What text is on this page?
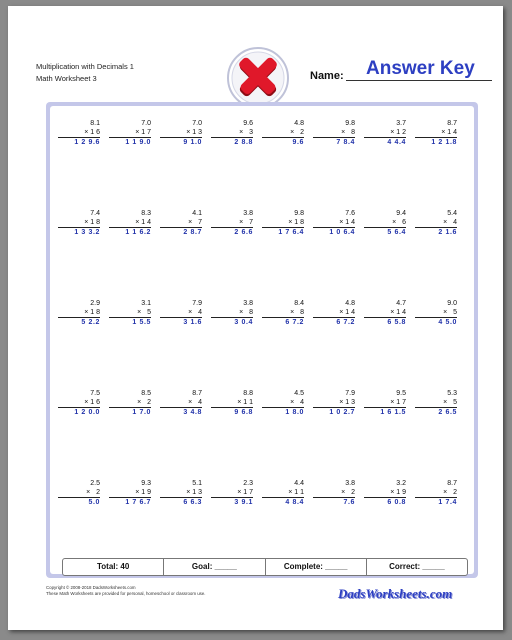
Multiplication with Decimals 1
Math Worksheet 3	Name: Answer Key
8.7
×   2
1 7.4
3.2
× 1 9
6 0.8
3.8
×   2
7.6
4.4
× 1 1
4 8.4
2.3
× 1 7
3 9.1
5.1
× 1 3
6 6.3
9.3
× 1 9
1 7 6.7
2.5
×   2
5.0
5.3
×   5
2 6.5
9.5
× 1 7
1 6 1.5
7.9
× 1 3
1 0 2.7
4.5
×   4
1 8.0
8.8
× 1 1
9 6.8
8.7
×   4
3 4.8
8.5
×   2
1 7.0
7.5
× 1 6
1 2 0.0
9.0
×   5
4 5.0
4.7
× 1 4
6 5.8
4.8
× 1 4
6 7.2
8.4
×   8
6 7.2
3.8
×   8
3 0.4
7.9
×   4
3 1.6
3.1
×   5
1 5.5
2.9
× 1 8
5 2.2
5.4
×   4
2 1.6
9.4
×   6
5 6.4
7.6
× 1 4
1 0 6.4
9.8
× 1 8
1 7 6.4
3.8
×   7
2 6.6
4.1
×   7
2 8.7
8.3
× 1 4
1 1 6.2
7.4
× 1 8
1 3 3.2
8.7
× 1 4
1 2 1.8
3.7
× 1 2
4 4.4
9.8
×   8
7 8.4
4.8
×   2
9.6
9.6
×   3
2 8.8
7.0
× 1 3
9 1.0
7.0
× 1 7
1 1 9.0
8.1
× 1 6
1 2 9.6
Total: 40	Goal: _____	Complete: _____	Correct: _____
Copyright © 2008-2018 DadsWorksheets.com
These Math Worksheets are provided for personal, homeschool or classroom use.	DadsWorksheets.com
